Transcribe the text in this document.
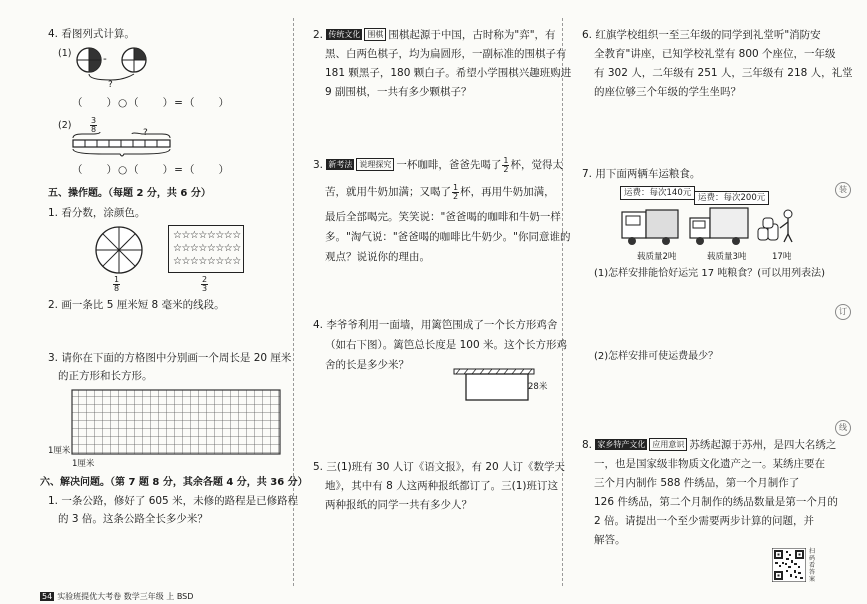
4. 看图列式计算。
(1)	-
?
（　　）○（　　）=（　　）
$(2) \frac{3}{8}$	?
（　　）○（　　）=（　　）
五、操作题。（每题 2 分，共 6 分）
1. 看分数，涂颜色。
$\frac{1}{8}$
☆☆☆☆☆☆☆☆
☆☆☆☆☆☆☆☆
☆☆☆☆☆☆☆☆
$\frac{2}{3}$
2. 画一条比 5 厘米短 8 毫米的线段。
3. 请你在下面的方格图中分别画一个周长是 20 厘米
的正方形和长方形。
1厘米
1厘米
六、解决问题。（第 7 题 8 分，其余各题 4 分，共 36 分）
1. 一条公路，修好了 605 米，未修的路程是已修路程
的 3 倍。这条公路全长多少米？
2. 传统文化 围棋 围棋起源于中国，古时称为"弈"，有
黑、白两色棋子，均为扁圆形，一副标准的围棋子有
181 颗黑子，180 颗白子。希望小学围棋兴趣班购进
9 副围棋，一共有多少颗棋子？
3. 新考法 说理探究 一杯咖啡，爸爸先喝了 $\frac{1}{2}$ 杯，觉得太
苦，就用牛奶加满；又喝了 $\frac{1}{2}$ 杯，再用牛奶加满，
最后全部喝完。笑笑说："爸爸喝的咖啡和牛奶一样
多。"淘气说："爸爸喝的咖啡比牛奶少。"你同意谁的
观点？说说你的理由。
4. 李爷爷利用一面墙，用篱笆围成了一个长方形鸡舍
（如右下图）。篱笆总长度是 100 米。这个长方形鸡
舍的长是多少米？
28米
5. 三(1)班有 30 人订《语文报》，有 20 人订《数学天
地》，其中有 8 人这两种报纸都订了。三(1)班订这
两种报纸的同学一共有多少人？
6. 红旗学校组织一至三年级的同学到礼堂听"消防安
全教育"讲座，已知学校礼堂有 800 个座位，一年级
有 302 人，二年级有 251 人，三年级有 218 人，礼堂
的座位够三个年级的学生坐吗？
7. 用下面两辆车运粮食。
运费：每次140元 运费：每次200元
载质量2吨	载质量3吨	17吨
(1)怎样安排能恰好运完 17 吨粮食？(可以用列表法)
(2)怎样安排可使运费最少？
8. 家乡特产文化 应用意识 苏绣起源于苏州，是四大名绣之
一，也是国家级非物质文化遗产之一。某绣庄要在
三个月内制作 588 件绣品，第一个月制作了
126 件绣品，第二个月制作的绣品数量是第一个月的
2 倍。请提出一个至少需要两步计算的问题，并
解答。
扫码看答案
装
订
线
54 实验班提优大考卷 数学三年级 上 BSD
